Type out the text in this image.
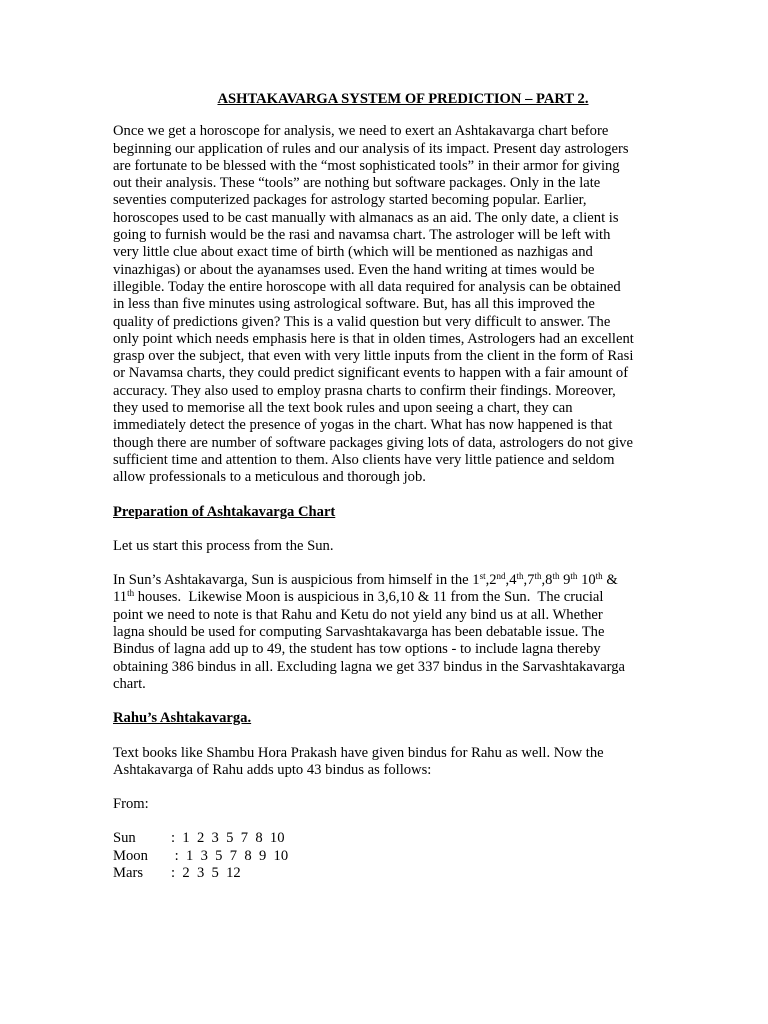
ASHTAKAVARGA SYSTEM OF PREDICTION – PART 2.
Once we get a horoscope for analysis, we need to exert an Ashtakavarga chart before
beginning our application of rules and our analysis of its impact. Present day astrologers
are fortunate to be blessed with the “most sophisticated tools” in their armor for giving
out their analysis. These “tools” are nothing but software packages. Only in the late
seventies computerized packages for astrology started becoming popular. Earlier,
horoscopes used to be cast manually with almanacs as an aid. The only date, a client is
going to furnish would be the rasi and navamsa chart. The astrologer will be left with
very little clue about exact time of birth (which will be mentioned as nazhigas and
vinazhigas) or about the ayanamses used. Even the hand writing at times would be
illegible. Today the entire horoscope with all data required for analysis can be obtained
in less than five minutes using astrological software. But, has all this improved the
quality of predictions given? This is a valid question but very difficult to answer. The
only point which needs emphasis here is that in olden times, Astrologers had an excellent
grasp over the subject, that even with very little inputs from the client in the form of Rasi
or Navamsa charts, they could predict significant events to happen with a fair amount of
accuracy. They also used to employ prasna charts to confirm their findings. Moreover,
they used to memorise all the text book rules and upon seeing a chart, they can
immediately detect the presence of yogas in the chart. What has now happened is that
though there are number of software packages giving lots of data, astrologers do not give
sufficient time and attention to them. Also clients have very little patience and seldom
allow professionals to a meticulous and thorough job.
Preparation of Ashtakavarga Chart
Let us start this process from the Sun.
In Sun’s Ashtakavarga, Sun is auspicious from himself in the 1st,2nd,4th,7th,8th 9th 10th &
11th houses.  Likewise Moon is auspicious in 3,6,10 & 11 from the Sun.  The crucial
point we need to note is that Rahu and Ketu do not yield any bind us at all. Whether
lagna should be used for computing Sarvashtakavarga has been debatable issue. The
Bindus of lagna add up to 49, the student has tow options - to include lagna thereby
obtaining 386 bindus in all. Excluding lagna we get 337 bindus in the Sarvashtakavarga
chart.
Rahu’s Ashtakavarga.
Text books like Shambu Hora Prakash have given bindus for Rahu as well. Now the
Ashtakavarga of Rahu adds upto 43 bindus as follows:
From:
Sun :  1  2  3  5  7  8  10
Moon :  1  3  5  7  8  9  10
Mars :  2  3  5  12
